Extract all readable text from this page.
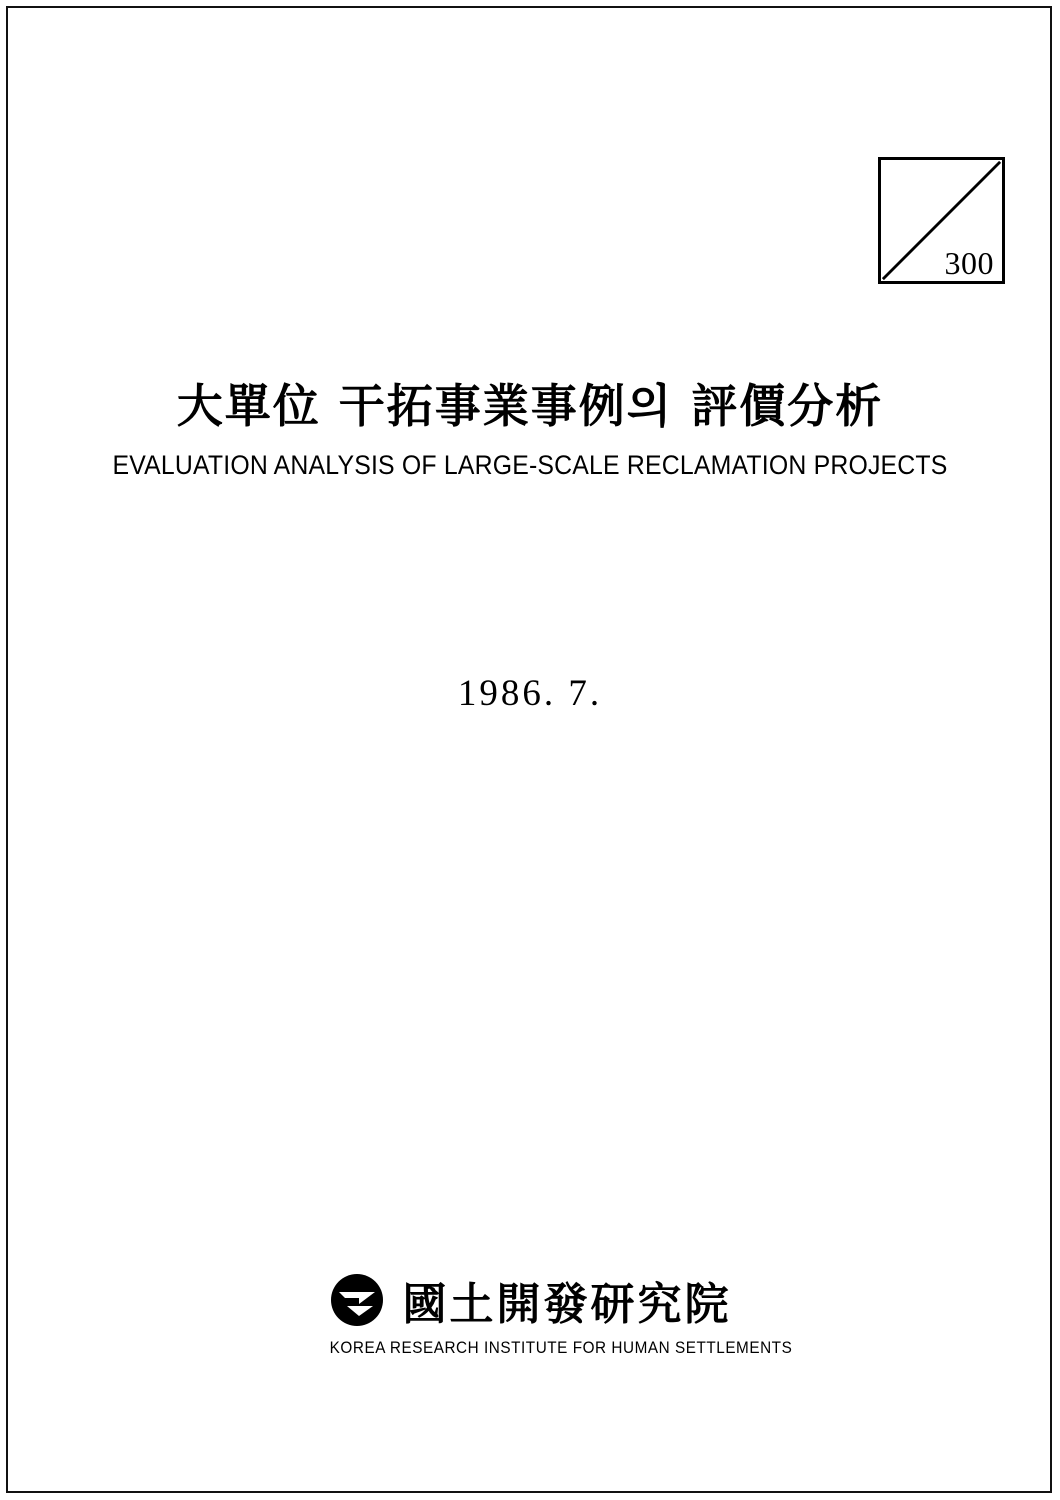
300
大單位 干拓事業事例의 評價分析
EVALUATION ANALYSIS OF LARGE-SCALE RECLAMATION PROJECTS
1986. 7.
國土開發研究院
KOREA RESEARCH INSTITUTE FOR HUMAN SETTLEMENTS
